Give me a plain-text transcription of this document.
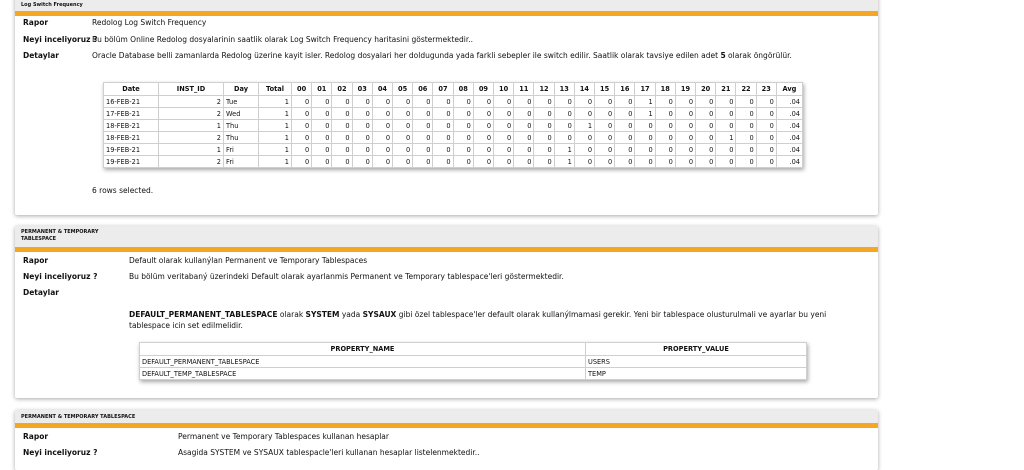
Log Switch Frequency
Rapor	Redolog Log Switch Frequency
Neyi inceliyoruz ?
Bu bölüm Online Redolog dosyalarinin saatlik olarak Log Switch Frequency haritasini göstermektedir..
Detaylar	Oracle Database belli zamanlarda Redolog üzerine kayit isler. Redolog dosyalari her doldugunda yada farkli sebepler ile switch edilir. Saatlik olarak tavsiye edilen adet 5 olarak öngörülür.
Date	INST_ID	Day	Total	00	01	02	03	04	05	06	07	08	09	10	11	12	13	14	15	16	17	18	19	20	21	22	23	Avg
16-FEB-21	2	Tue	1	0	0	0	0	0	0	0	0	0	0	0	0	0	0	0	0	0	1	0	0	0	0	0	0	.04
17-FEB-21	2	Wed	1	0	0	0	0	0	0	0	0	0	0	0	0	0	0	0	0	0	1	0	0	0	0	0	0	.04
18-FEB-21	1	Thu	1	0	0	0	0	0	0	0	0	0	0	0	0	0	0	1	0	0	0	0	0	0	0	0	0	.04
18-FEB-21	2	Thu	1	0	0	0	0	0	0	0	0	0	0	0	0	0	0	0	0	0	0	0	0	0	1	0	0	.04
19-FEB-21	1	Fri	1	0	0	0	0	0	0	0	0	0	0	0	0	0	1	0	0	0	0	0	0	0	0	0	0	.04
19-FEB-21	2	Fri	1	0	0	0	0	0	0	0	0	0	0	0	0	0	1	0	0	0	0	0	0	0	0	0	0	.04
6 rows selected.
PERMANENT & TEMPORARY
TABLESPACE
Rapor	Default olarak kullanýlan Permanent ve Temporary Tablespaces
Neyi inceliyoruz ?	Bu bölüm veritabaný üzerindeki Default olarak ayarlanmis Permanent ve Temporary tablespace'leri göstermektedir.
Detaylar
DEFAULT_PERMANENT_TABLESPACE olarak SYSTEM yada SYSAUX gibi özel tablespace'ler default olarak kullanýlmamasi gerekir. Yeni bir tablespace olusturulmali ve ayarlar bu yeni tablespace icin set edilmelidir.
PROPERTY_NAME	PROPERTY_VALUE
DEFAULT_PERMANENT_TABLESPACE	USERS
DEFAULT_TEMP_TABLESPACE	TEMP
PERMANENT & TEMPORARY TABLESPACE
Rapor	Permanent ve Temporary Tablespaces kullanan hesaplar
Neyi inceliyoruz ?	Asagida SYSTEM ve SYSAUX tablespacle'leri kullanan hesaplar listelenmektedir..
